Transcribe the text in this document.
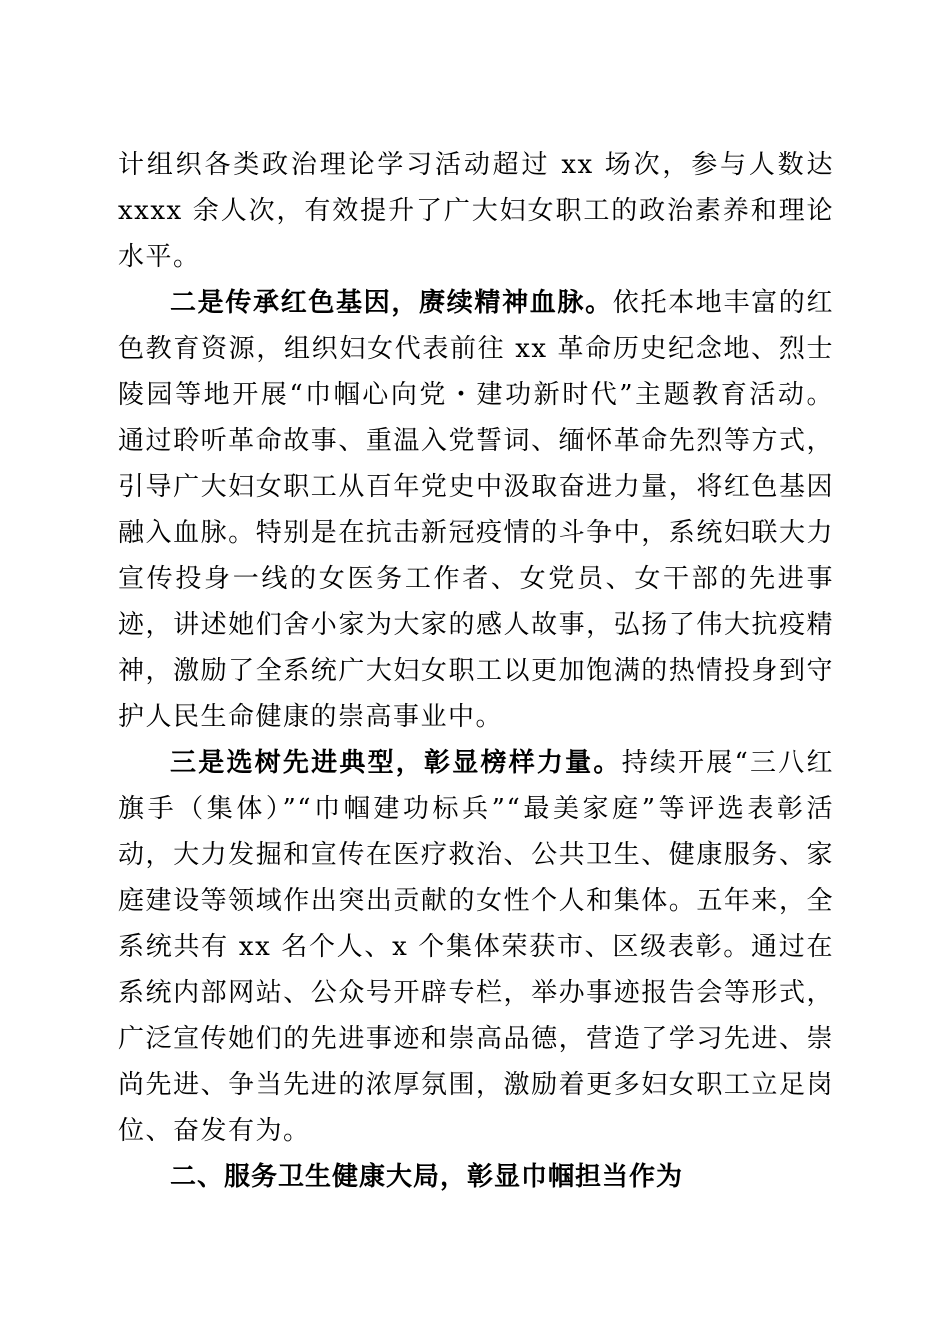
计组织各类政治理论学习活动超过 xx 场次，参与人数达 xxxx 余人次，有效提升了广大妇女职工的政治素养和理论水平。

二是传承红色基因，赓续精神血脉。依托本地丰富的红色教育资源，组织妇女代表前往 xx 革命历史纪念地、烈士陵园等地开展“巾帼心向党・建功新时代”主题教育活动。通过聆听革命故事、重温入党誓词、缅怀革命先烈等方式，引导广大妇女职工从百年党史中汲取奋进力量，将红色基因融入血脉。特别是在抗击新冠疫情的斗争中，系统妇联大力宣传投身一线的女医务工作者、女党员、女干部的先进事迹，讲述她们舍小家为大家的感人故事，弘扬了伟大抗疫精神，激励了全系统广大妇女职工以更加饱满的热情投身到守护人民生命健康的崇高事业中。

三是选树先进典型，彰显榜样力量。持续开展“三八红旗手（集体）”“巾帼建功标兵”“最美家庭”等评选表彰活动，大力发掘和宣传在医疗救治、公共卫生、健康服务、家庭建设等领域作出突出贡献的女性个人和集体。五年来，全系统共有 xx 名个人、x 个集体荣获市、区级表彰。通过在系统内部网站、公众号开辟专栏，举办事迹报告会等形式，广泛宣传她们的先进事迹和崇高品德，营造了学习先进、崇尚先进、争当先进的浓厚氛围，激励着更多妇女职工立足岗位、奋发有为。

二、服务卫生健康大局，彰显巾帼担当作为
